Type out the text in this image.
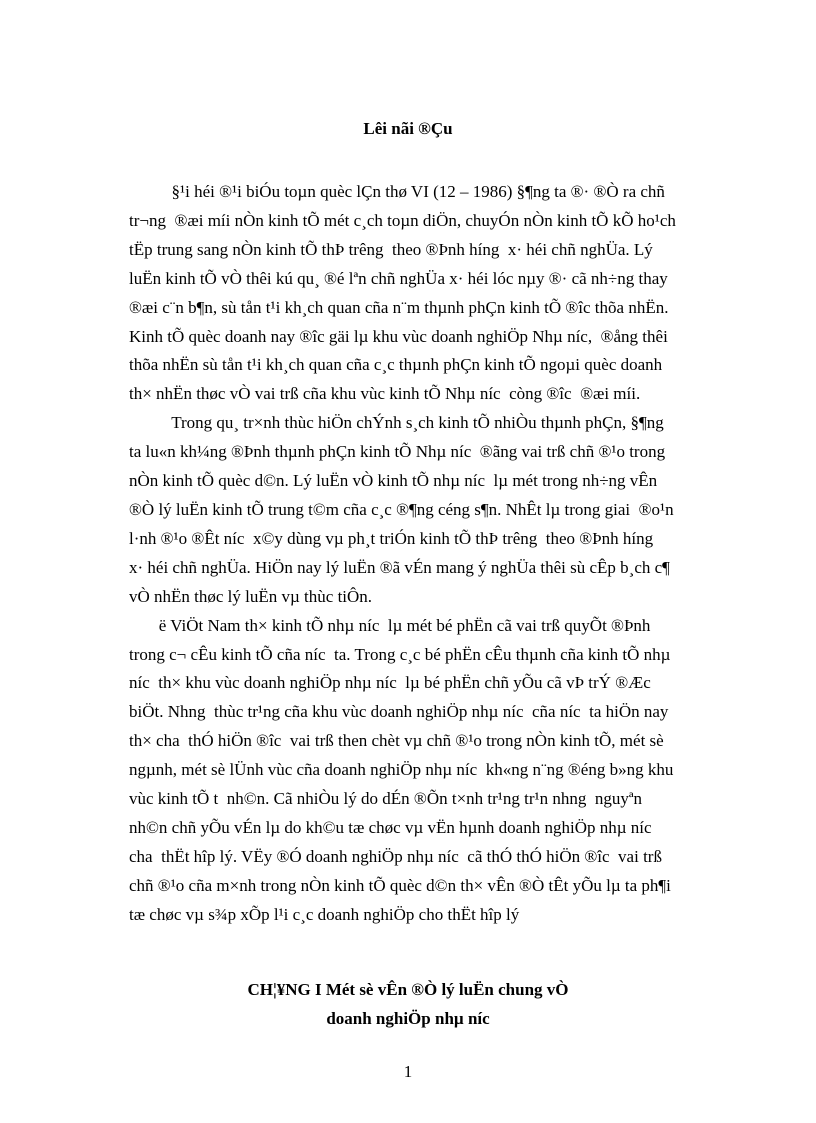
Lêi nãi ®Çu

§¹i héi ®¹i biÓu toµn quèc lÇn thø VI (12 – 1986) §¶ng ta ®· ®Ò ra chñ
tr¬ng  ®æi míi nÒn kinh tÕ mét c¸ch toµn diÖn, chuyÓn nÒn kinh tÕ kÕ ho¹ch
tËp trung sang nÒn kinh tÕ thÞ trêng  theo ®Þnh híng  x· héi chñ nghÜa. Lý
luËn kinh tÕ vÒ thêi kú qu¸ ®é lªn chñ nghÜa x· héi lóc nµy ®· cã nh÷ng thay
®æi c¨n b¶n, sù tån t¹i kh¸ch quan cña n¨m thµnh phÇn kinh tÕ ®îc thõa nhËn.
Kinh tÕ quèc doanh nay ®îc gäi lµ khu vùc doanh nghiÖp Nhµ níc,  ®ång thêi
thõa nhËn sù tån t¹i kh¸ch quan cña c¸c thµnh phÇn kinh tÕ ngoµi quèc doanh
th× nhËn thøc vÒ vai trß cña khu vùc kinh tÕ Nhµ níc  còng ®îc  ®æi míi.

Trong qu¸ tr×nh thùc hiÖn chÝnh s¸ch kinh tÕ nhiÒu thµnh phÇn, §¶ng
ta lu«n kh¼ng ®Þnh thµnh phÇn kinh tÕ Nhµ níc  ®ãng vai trß chñ ®¹o trong
nÒn kinh tÕ quèc d©n. Lý luËn vÒ kinh tÕ nhµ níc  lµ mét trong nh÷ng vÊn
®Ò lý luËn kinh tÕ trung t©m cña c¸c ®¶ng céng s¶n. NhÊt lµ trong giai  ®o¹n
l·nh ®¹o ®Êt níc  x©y dùng vµ ph¸t triÓn kinh tÕ thÞ trêng  theo ®Þnh híng
x· héi chñ nghÜa. HiÖn nay lý luËn ®ã vÉn mang ý nghÜa thêi sù cÊp b¸ch c¶
vÒ nhËn thøc lý luËn vµ thùc tiÔn.

ë ViÖt Nam th× kinh tÕ nhµ níc  lµ mét bé phËn cã vai trß quyÕt ®Þnh
trong c¬ cÊu kinh tÕ cña níc  ta. Trong c¸c bé phËn cÊu thµnh cña kinh tÕ nhµ
níc  th× khu vùc doanh nghiÖp nhµ níc  lµ bé phËn chñ yÕu cã vÞ trÝ ®Æc
biÖt. Nhng  thùc tr¹ng cña khu vùc doanh nghiÖp nhµ níc  cña níc  ta hiÖn nay
th× cha  thÓ hiÖn ®îc  vai trß then chèt vµ chñ ®¹o trong nÒn kinh tÕ, mét sè
ngµnh, mét sè lÜnh vùc cña doanh nghiÖp nhµ níc  kh«ng n¨ng ®éng b»ng khu
vùc kinh tÕ t  nh©n. Cã nhiÒu lý do dÉn ®Õn t×nh tr¹ng tr¹n nhng  nguyªn
nh©n chñ yÕu vÉn lµ do kh©u tæ chøc vµ vËn hµnh doanh nghiÖp nhµ níc
cha  thËt hîp lý. VËy ®Ó doanh nghiÖp nhµ níc  cã thÓ thÓ hiÖn ®îc  vai trß
chñ ®¹o cña m×nh trong nÒn kinh tÕ quèc d©n th× vÊn ®Ò tÊt yÕu lµ ta ph¶i
tæ chøc vµ s¾p xÕp l¹i c¸c doanh nghiÖp cho thËt hîp lý

CH¦¥NG I Mét sè vÊn ®Ò lý luËn chung vÒ
doanh nghiÖp nhµ níc
1
